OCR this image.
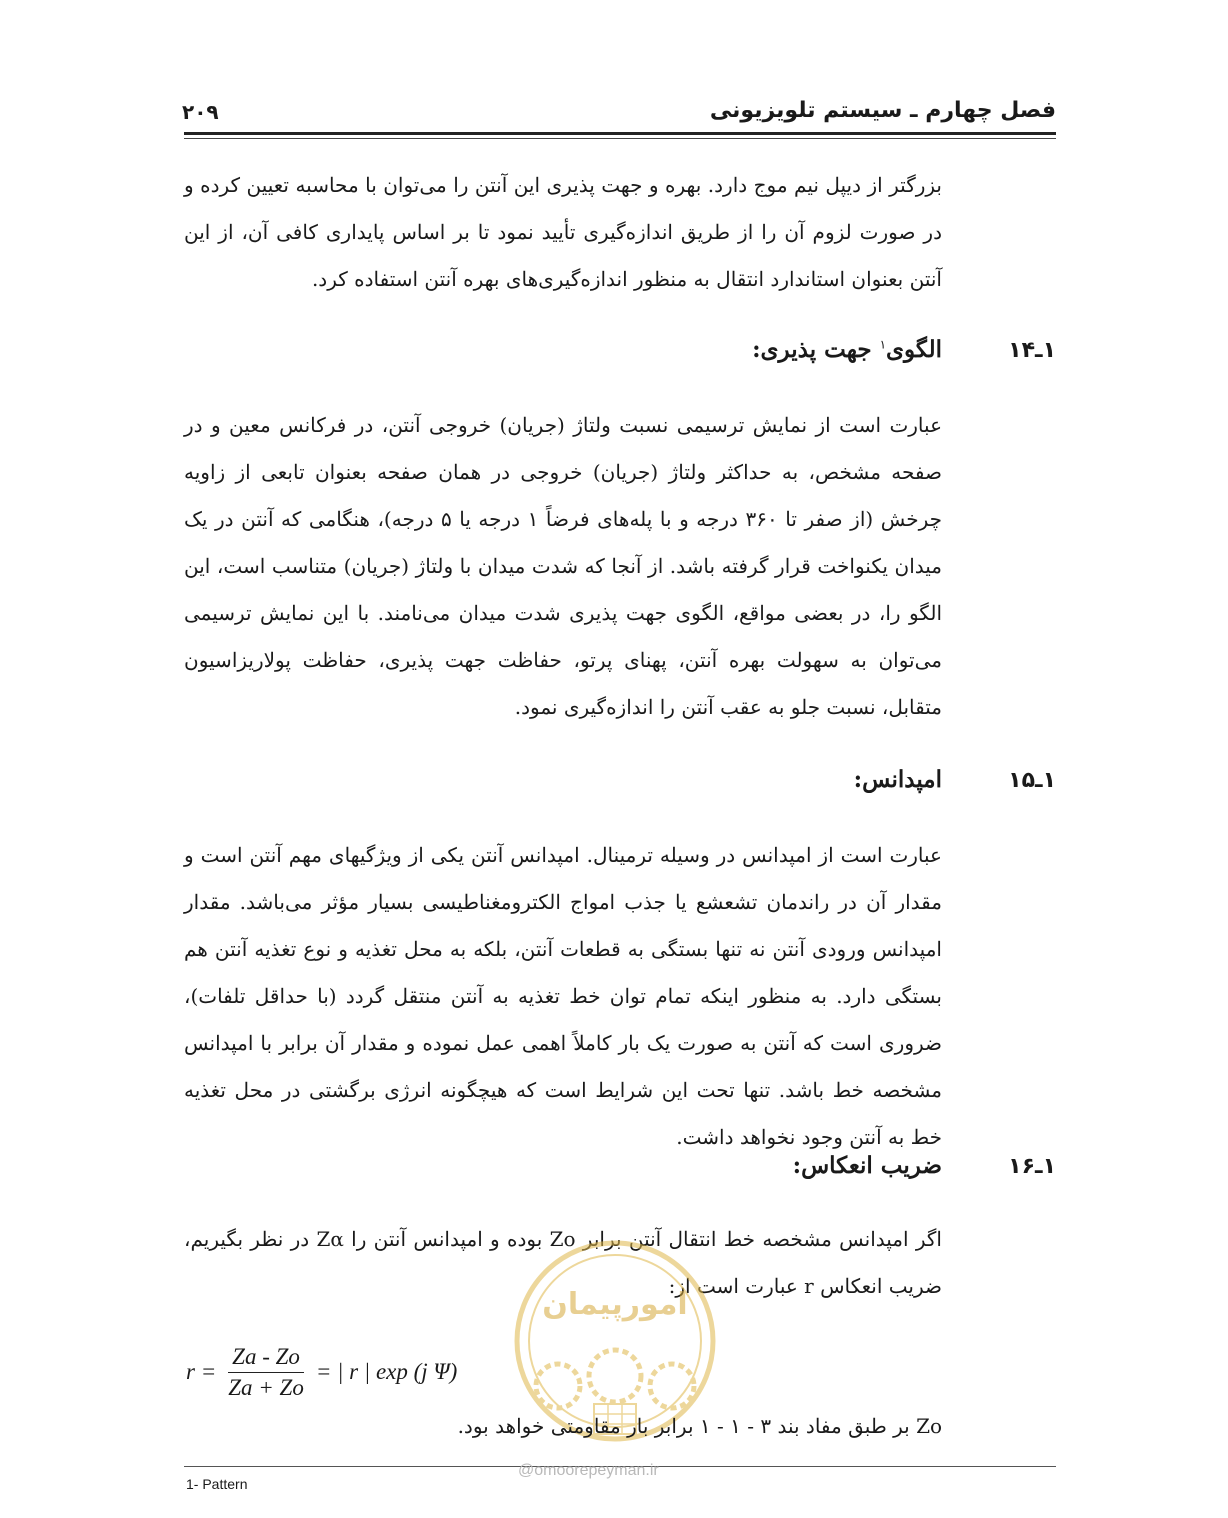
فصل چهارم ـ سیستم تلویزیونی
۲۰۹
بزرگتر از دیپل نیم موج دارد. بهره و جهت پذیری این آنتن را می‌توان با محاسبه تعیین کرده و در صورت لزوم آن را از طریق اندازه‌گیری تأیید نمود تا بر اساس پایداری کافی آن، از این آنتن بعنوان استاندارد انتقال به منظور اندازه‌گیری‌های بهره آنتن استفاده کرد.
۱ـ۱۴
الگوی$^۱$ جهت پذیری:
عبارت است از نمایش ترسیمی نسبت ولتاژ (جریان) خروجی آنتن، در فرکانس معین و در صفحه مشخص، به حداکثر ولتاژ (جریان) خروجی در همان صفحه بعنوان تابعی از زاویه چرخش (از صفر تا ۳۶۰ درجه و با پله‌های فرضاً ۱ درجه یا ۵ درجه)، هنگامی که آنتن در یک میدان یکنواخت قرار گرفته باشد. از آنجا که شدت میدان با ولتاژ (جریان) متناسب است، این الگو را، در بعضی مواقع، الگوی جهت پذیری شدت میدان می‌نامند. با این نمایش ترسیمی می‌توان به سهولت بهره آنتن، پهنای پرتو، حفاظت جهت پذیری، حفاظت پولاریزاسیون متقابل، نسبت جلو به عقب آنتن را اندازه‌گیری نمود.
۱ـ۱۵
امپدانس:
عبارت است از امپدانس در وسیله ترمینال. امپدانس آنتن یکی از ویژگیهای مهم آنتن است و مقدار آن در راندمان تشعشع یا جذب امواج الکترومغناطیسی بسیار مؤثر می‌باشد. مقدار امپدانس ورودی آنتن نه تنها بستگی به قطعات آنتن، بلکه به محل تغذیه و نوع تغذیه آنتن هم بستگی دارد. به منظور اینکه تمام توان خط تغذیه به آنتن منتقل گردد (با حداقل تلفات)، ضروری است که آنتن به صورت یک بار کاملاً اهمی عمل نموده و مقدار آن برابر با امپدانس مشخصه خط باشد. تنها تحت این شرایط است که هیچگونه انرژی برگشتی در محل تغذیه خط به آنتن وجود نخواهد داشت.
۱ـ۱۶
ضریب انعکاس:
اگر امپدانس مشخصه خط انتقال آنتن برابر Zo بوده و امپدانس آنتن را Zα در نظر بگیریم، ضریب انعکاس r عبارت است از:
$r = \frac{Za - Zo}{Za + Zo}$ = | r | exp (j Ψ)
امورپیمان
Zo بر طبق مفاد بند ۳ - ۱ - ۱ برابر بار مقاومتی خواهد بود.
@omoorepeyman.ir
1- Pattern
